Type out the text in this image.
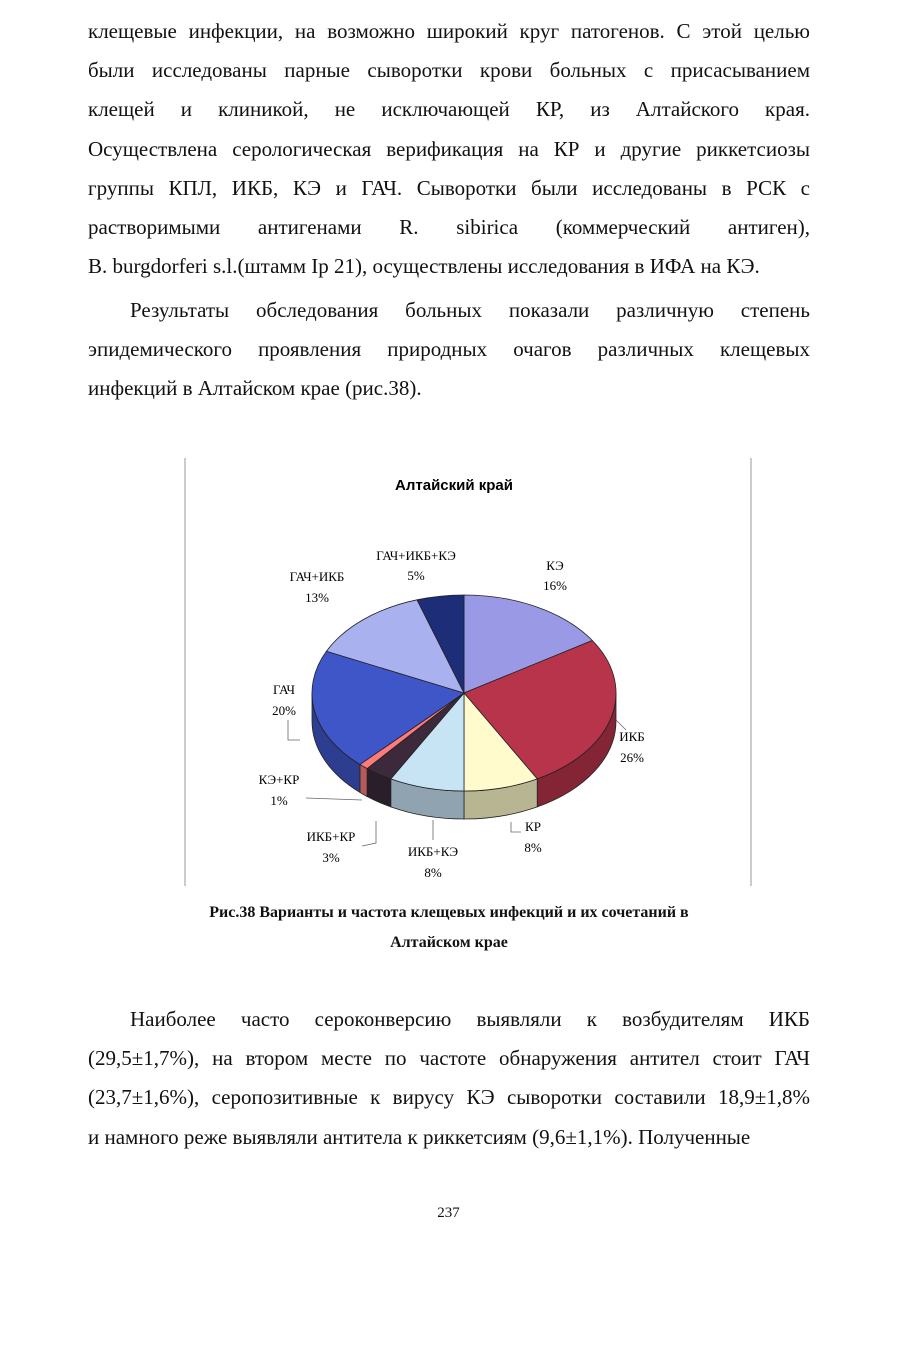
клещевые инфекции, на возможно широкий круг патогенов. С этой целью
были исследованы парные сыворотки крови больных с присасыванием
клещей и клиникой, не исключающей КР, из Алтайского края.
Осуществлена серологическая верификация на КР и другие риккетсиозы
группы КПЛ, ИКБ, КЭ и ГАЧ. Сыворотки были исследованы в РСК с
растворимыми антигенами R. sibirica (коммерческий антиген),
B. burgdorferi s.l.(штамм Ip 21), осуществлены исследования в ИФА на КЭ.
Результаты обследования больных показали различную степень
эпидемического проявления природных очагов различных клещевых
инфекций в Алтайском крае (рис.38).
Алтайский край
КЭ
16%
ИКБ
26%
КР
8%
ИКБ+КЭ
8%
ИКБ+КР
3%
КЭ+КР
1%
ГАЧ
20%
ГАЧ+ИКБ
13%
ГАЧ+ИКБ+КЭ
5%
Рис.38 Варианты и частота клещевых инфекций и их сочетаний в
Алтайском крае
Наиболее часто сероконверсию выявляли к возбудителям ИКБ
(29,5±1,7%), на втором месте по частоте обнаружения антител стоит ГАЧ
(23,7±1,6%), серопозитивные к вирусу КЭ сыворотки составили 18,9±1,8%
и намного реже выявляли антитела к риккетсиям (9,6±1,1%). Полученные
237
